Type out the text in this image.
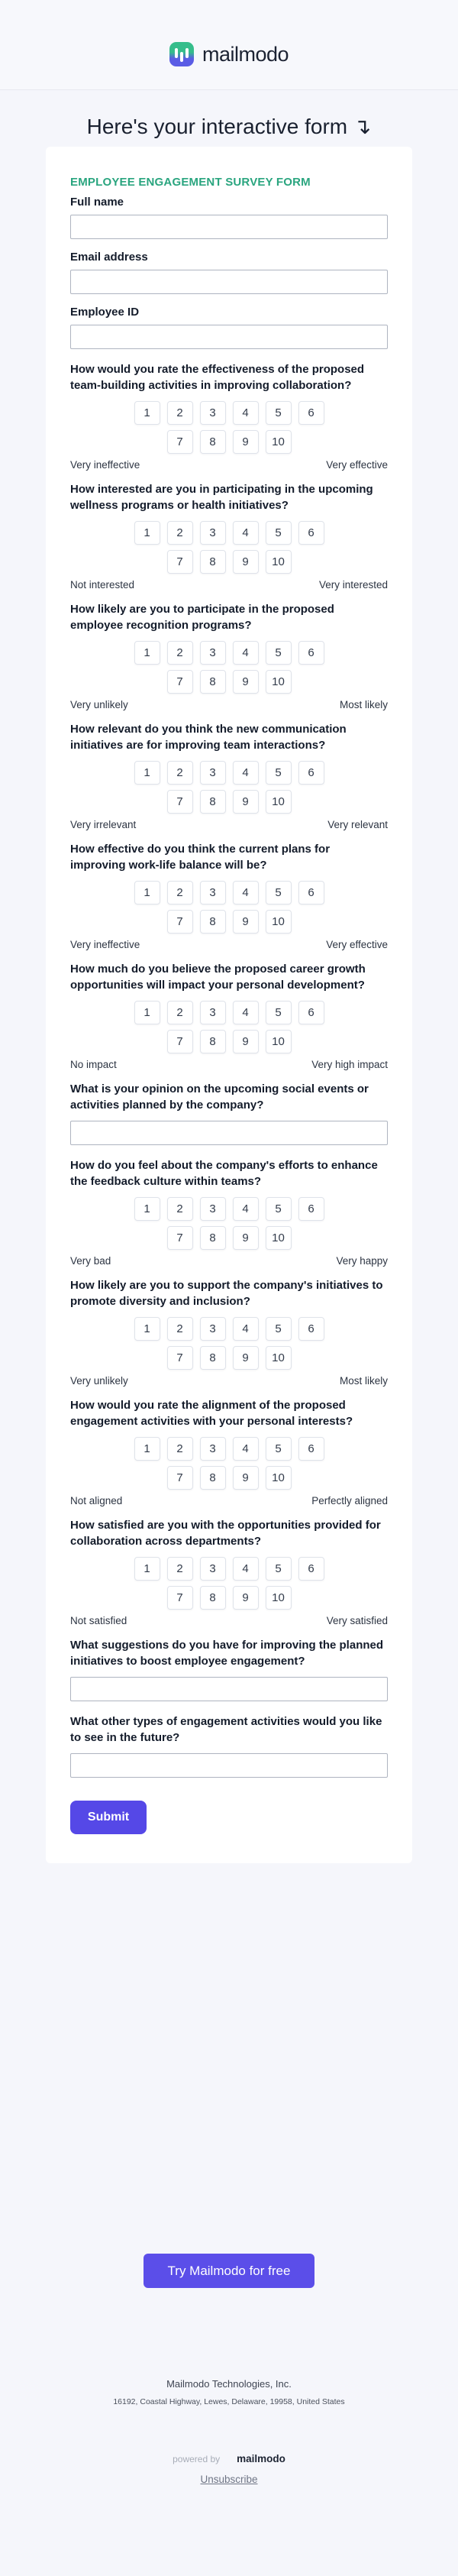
mailmodo
Here's your interactive form ↴
EMPLOYEE ENGAGEMENT SURVEY FORM
Full name
Email address
Employee ID
How would you rate the effectiveness of the proposed team-building activities in improving collaboration?
1	2	3	4	5	6
7	8	9	10
Very ineffective	Very effective
How interested are you in participating in the upcoming wellness programs or health initiatives?
1	2	3	4	5	6
7	8	9	10
Not interested	Very interested
How likely are you to participate in the proposed employee recognition programs?
1	2	3	4	5	6
7	8	9	10
Very unlikely	Most likely
How relevant do you think the new communication initiatives are for improving team interactions?
1	2	3	4	5	6
7	8	9	10
Very irrelevant	Very relevant
How effective do you think the current plans for improving work-life balance will be?
1	2	3	4	5	6
7	8	9	10
Very ineffective	Very effective
How much do you believe the proposed career growth opportunities will impact your personal development?
1	2	3	4	5	6
7	8	9	10
No impact	Very high impact
What is your opinion on the upcoming social events or activities planned by the company?
How do you feel about the company's efforts to enhance the feedback culture within teams?
1	2	3	4	5	6
7	8	9	10
Very bad	Very happy
How likely are you to support the company's initiatives to promote diversity and inclusion?
1	2	3	4	5	6
7	8	9	10
Very unlikely	Most likely
How would you rate the alignment of the proposed engagement activities with your personal interests?
1	2	3	4	5	6
7	8	9	10
Not aligned	Perfectly aligned
How satisfied are you with the opportunities provided for collaboration across departments?
1	2	3	4	5	6
7	8	9	10
Not satisfied	Very satisfied
What suggestions do you have for improving the planned initiatives to boost employee engagement?
What other types of engagement activities would you like to see in the future?
Submit
Try Mailmodo for free
Mailmodo Technologies, Inc.
16192, Coastal Highway, Lewes, Delaware, 19958, United States
powered by mailmodo
Unsubscribe
